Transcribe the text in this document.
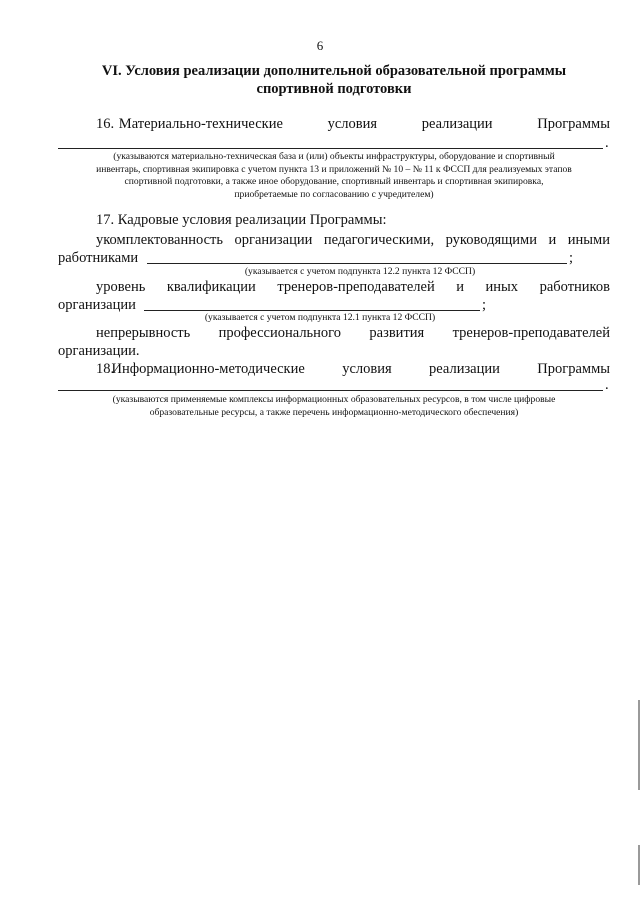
6
VI. Условия реализации дополнительной образовательной программы
спортивной подготовки
16. Материально-технические	условия	реализации	Программы
.
(указываются материально-техническая база и (или) объекты инфраструктуры, оборудование и спортивный
инвентарь, спортивная экипировка с учетом пункта 13 и приложений № 10 – № 11 к ФССП для реализуемых этапов
спортивной подготовки, а также иное оборудование, спортивный инвентарь и спортивная экипировка,
приобретаемые по согласованию с учредителем)
17. Кадровые условия реализации Программы:
укомплектованность организации педагогическими, руководящими и иными
работниками	;
(указывается с учетом подпункта 12.2 пункта 12 ФССП)
уровень квалификации тренеров-преподавателей и иных работников
организации	;
(указывается с учетом подпункта 12.1 пункта 12 ФССП)
непрерывность профессионального развития тренеров-преподавателей
организации.
18.
Информационно-методические	условия	реализации	Программы
.
(указываются применяемые комплексы информационных образовательных ресурсов, в том числе цифровые
образовательные ресурсы, а также перечень информационно-методического обеспечения)
